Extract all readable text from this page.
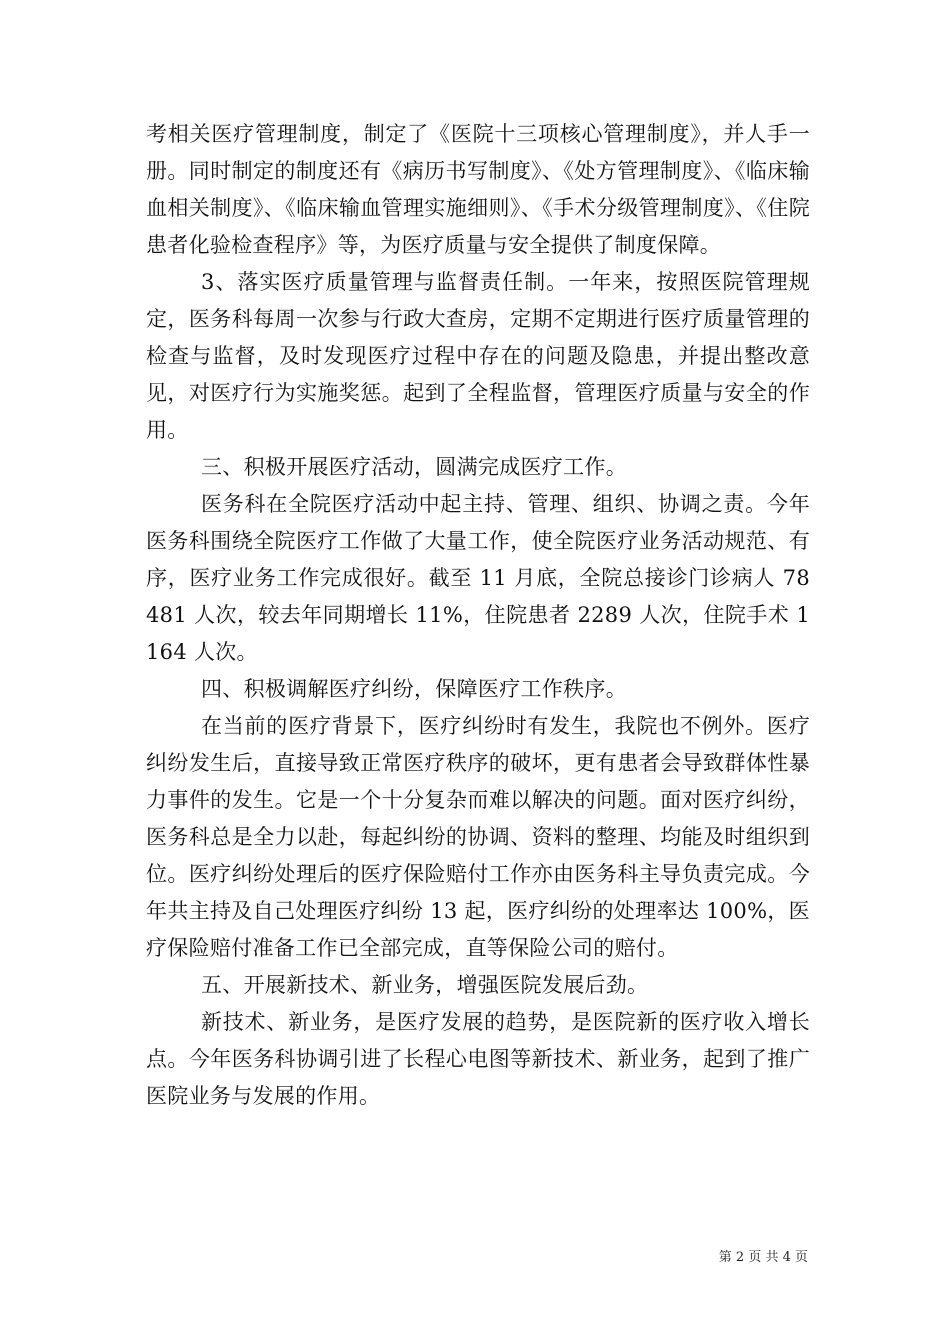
考相关医疗管理制度，制定了《医院十三项核心管理制度》，并人手一册。同时制定的制度还有《病历书写制度》、《处方管理制度》、《临床输血相关制度》、《临床输血管理实施细则》、《手术分级管理制度》、《住院患者化验检查程序》等，为医疗质量与安全提供了制度保障。

3、落实医疗质量管理与监督责任制。一年来，按照医院管理规定，医务科每周一次参与行政大查房，定期不定期进行医疗质量管理的检查与监督，及时发现医疗过程中存在的问题及隐患，并提出整改意见，对医疗行为实施奖惩。起到了全程监督，管理医疗质量与安全的作用。

三、积极开展医疗活动，圆满完成医疗工作。

医务科在全院医疗活动中起主持、管理、组织、协调之责。今年医务科围绕全院医疗工作做了大量工作，使全院医疗业务活动规范、有序，医疗业务工作完成很好。截至 11 月底，全院总接诊门诊病人 78481 人次，较去年同期增长 11%，住院患者 2289 人次，住院手术 1164 人次。

四、积极调解医疗纠纷，保障医疗工作秩序。

在当前的医疗背景下，医疗纠纷时有发生，我院也不例外。医疗纠纷发生后，直接导致正常医疗秩序的破坏，更有患者会导致群体性暴力事件的发生。它是一个十分复杂而难以解决的问题。面对医疗纠纷，医务科总是全力以赴，每起纠纷的协调、资料的整理、均能及时组织到位。医疗纠纷处理后的医疗保险赔付工作亦由医务科主导负责完成。今年共主持及自己处理医疗纠纷 13 起，医疗纠纷的处理率达 100%，医疗保险赔付准备工作已全部完成，直等保险公司的赔付。

五、开展新技术、新业务，增强医院发展后劲。

新技术、新业务，是医疗发展的趋势，是医院新的医疗收入增长点。今年医务科协调引进了长程心电图等新技术、新业务，起到了推广医院业务与发展的作用。

第 2 页 共 4 页
